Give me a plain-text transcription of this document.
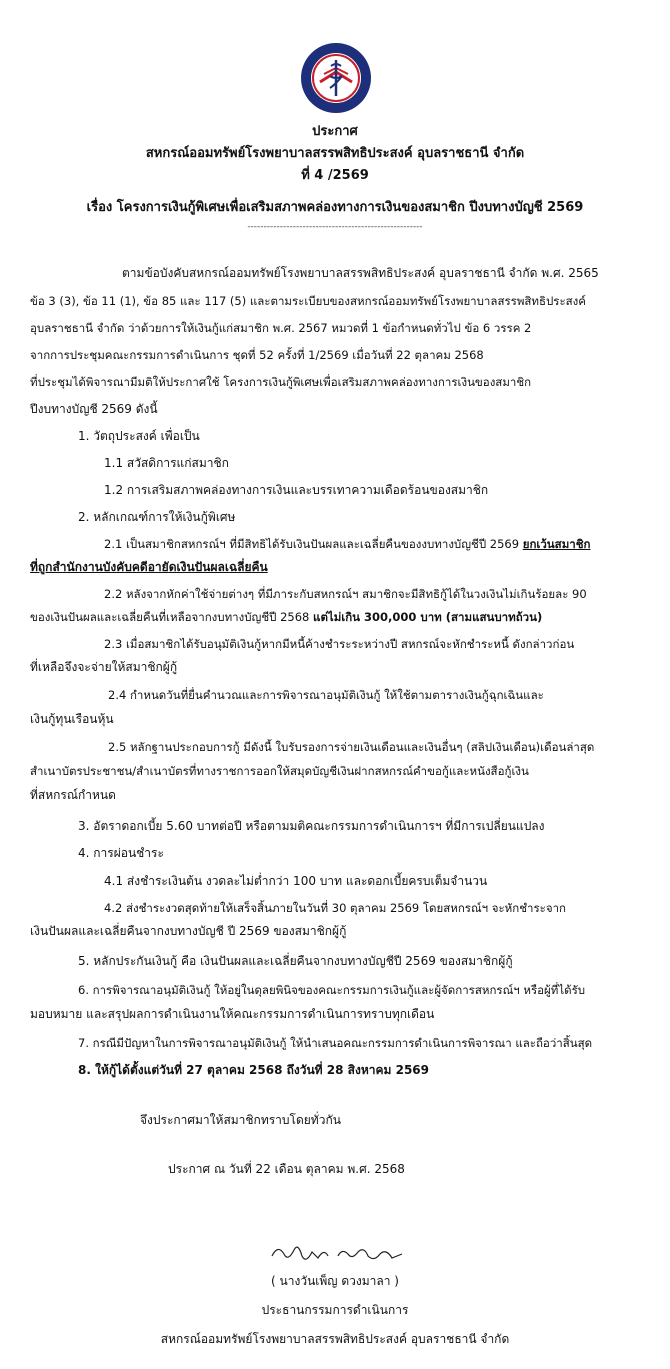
ประกาศ
สหกรณ์ออมทรัพย์โรงพยาบาลสรรพสิทธิประสงค์ อุบลราชธานี จำกัด
ที่ 4 /2569
เรื่อง โครงการเงินกู้พิเศษเพื่อเสริมสภาพคล่องทางการเงินของสมาชิก ปีงบทางบัญชี 2569
------------------------------------------------------
ตามข้อบังคับสหกรณ์ออมทรัพย์โรงพยาบาลสรรพสิทธิประสงค์ อุบลราชธานี จำกัด พ.ศ. 2565
ข้อ 3 (3), ข้อ 11 (1), ข้อ 85 และ 117 (5) และตามระเบียบของสหกรณ์ออมทรัพย์โรงพยาบาลสรรพสิทธิประสงค์
อุบลราชธานี จำกัด ว่าด้วยการให้เงินกู้แก่สมาชิก พ.ศ. 2567 หมวดที่ 1 ข้อกำหนดทั่วไป ข้อ 6 วรรค 2
จากการประชุมคณะกรรมการดำเนินการ ชุดที่ 52 ครั้งที่ 1/2569 เมื่อวันที่ 22 ตุลาคม 2568
ที่ประชุมได้พิจารณามีมติให้ประกาศใช้ โครงการเงินกู้พิเศษเพื่อเสริมสภาพคล่องทางการเงินของสมาชิก
ปีงบทางบัญชี 2569 ดังนี้
1. วัตถุประสงค์ เพื่อเป็น
1.1 สวัสดิการแก่สมาชิก
1.2 การเสริมสภาพคล่องทางการเงินและบรรเทาความเดือดร้อนของสมาชิก
2. หลักเกณฑ์การให้เงินกู้พิเศษ
2.1 เป็นสมาชิกสหกรณ์ฯ ที่มีสิทธิได้รับเงินปันผลและเฉลี่ยคืนของงบทางบัญชีปี 2569 ยกเว้นสมาชิก
ที่ถูกสำนักงานบังคับคดีอายัดเงินปันผลเฉลี่ยคืน
2.2 หลังจากหักค่าใช้จ่ายต่างๆ ที่มีภาระกับสหกรณ์ฯ สมาชิกจะมีสิทธิกู้ได้ในวงเงินไม่เกินร้อยละ 90
ของเงินปันผลและเฉลี่ยคืนที่เหลือจากงบทางบัญชีปี 2568 แต่ไม่เกิน 300,000 บาท (สามแสนบาทถ้วน)
2.3 เมื่อสมาชิกได้รับอนุมัติเงินกู้หากมีหนี้ค้างชำระระหว่างปี สหกรณ์จะหักชำระหนี้ ดังกล่าวก่อน
ที่เหลือจึงจะจ่ายให้สมาชิกผู้กู้
2.4 กำหนดวันที่ยื่นคำนวณและการพิจารณาอนุมัติเงินกู้ ให้ใช้ตามตารางเงินกู้ฉุกเฉินและ
เงินกู้ทุนเรือนหุ้น
2.5 หลักฐานประกอบการกู้ มีดังนี้ ใบรับรองการจ่ายเงินเดือนและเงินอื่นๆ (สลิปเงินเดือน)เดือนล่าสุด
สำเนาบัตรประชาชน/สำเนาบัตรที่ทางราชการออกให้สมุดบัญชีเงินฝากสหกรณ์คำขอกู้และหนังสือกู้เงิน
ที่สหกรณ์กำหนด
3. อัตราดอกเบี้ย 5.60 บาทต่อปี หรือตามมติคณะกรรมการดำเนินการฯ ที่มีการเปลี่ยนแปลง
4. การผ่อนชำระ
4.1 ส่งชำระเงินต้น งวดละไม่ต่ำกว่า 100 บาท และดอกเบี้ยครบเต็มจำนวน
4.2 ส่งชำระงวดสุดท้ายให้เสร็จสิ้นภายในวันที่ 30 ตุลาคม 2569 โดยสหกรณ์ฯ จะหักชำระจาก
เงินปันผลและเฉลี่ยคืนจากงบทางบัญชี ปี 2569 ของสมาชิกผู้กู้
5. หลักประกันเงินกู้ คือ เงินปันผลและเฉลี่ยคืนจากงบทางบัญชีปี 2569 ของสมาชิกผู้กู้
6. การพิจารณาอนุมัติเงินกู้ ให้อยู่ในดุลยพินิจของคณะกรรมการเงินกู้และผู้จัดการสหกรณ์ฯ หรือผู้ที่ได้รับ
มอบหมาย และสรุปผลการดำเนินงานให้คณะกรรมการดำเนินการทราบทุกเดือน
7. กรณีมีปัญหาในการพิจารณาอนุมัติเงินกู้ ให้นำเสนอคณะกรรมการดำเนินการพิจารณา และถือว่าสิ้นสุด
8. ให้กู้ได้ตั้งแต่วันที่ 27 ตุลาคม 2568 ถึงวันที่ 28 สิงหาคม 2569
จึงประกาศมาให้สมาชิกทราบโดยทั่วกัน
ประกาศ ณ วันที่ 22 เดือน ตุลาคม พ.ศ. 2568
( นางวันเพ็ญ ดวงมาลา )
ประธานกรรมการดำเนินการ
สหกรณ์ออมทรัพย์โรงพยาบาลสรรพสิทธิประสงค์ อุบลราชธานี จำกัด
